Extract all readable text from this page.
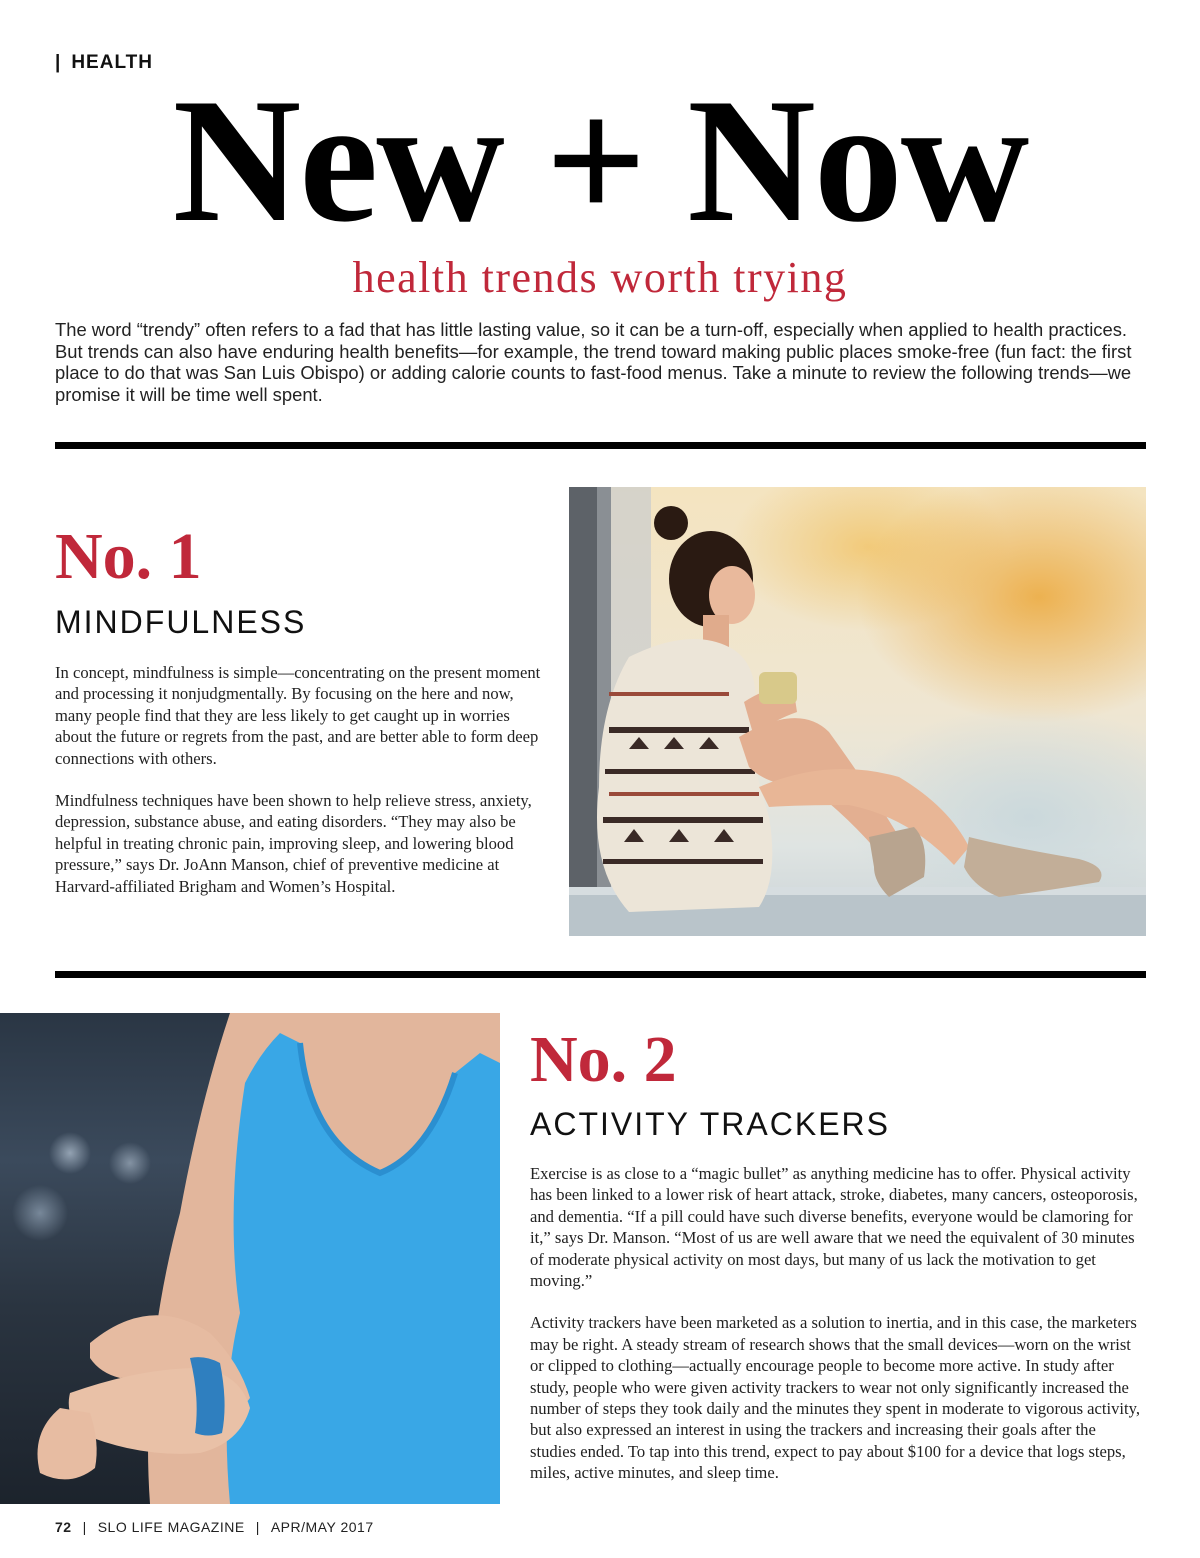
| HEALTH New + Now
health trends worth trying

The word “trendy” often refers to a fad that has little lasting value, so it can be a turn-off, especially when applied to health practices. But trends can also have enduring health benefits—for example, the trend toward making public places smoke-free (fun fact: the first place to do that was San Luis Obispo) or adding calorie counts to fast-food menus. Take a minute to review the following trends—we promise it will be time well spent.

No. 1
MINDFULNESS

In concept, mindfulness is simple—concentrating on the present moment and processing it nonjudgmentally. By focusing on the here and now, many people find that they are less likely to get caught up in worries about the future or regrets from the past, and are better able to form deep connections with others.

Mindfulness techniques have been shown to help relieve stress, anxiety, depression, substance abuse, and eating disorders. “They may also be helpful in treating chronic pain, improving sleep, and lowering blood pressure,” says Dr. JoAnn Manson, chief of preventive medicine at Harvard-affiliated Brigham and Women’s Hospital.

No. 2
ACTIVITY TRACKERS

Exercise is as close to a “magic bullet” as anything medicine has to offer. Physical activity has been linked to a lower risk of heart attack, stroke, diabetes, many cancers, osteoporosis, and dementia. “If a pill could have such diverse benefits, everyone would be clamoring for it,” says Dr. Manson. “Most of us are well aware that we need the equivalent of 30 minutes of moderate physical activity on most days, but many of us lack the motivation to get moving.”

Activity trackers have been marketed as a solution to inertia, and in this case, the marketers may be right. A steady stream of research shows that the small devices—worn on the wrist or clipped to clothing—actually encourage people to become more active. In study after study, people who were given activity trackers to wear not only significantly increased the number of steps they took daily and the minutes they spent in moderate to vigorous activity, but also expressed an interest in using the trackers and increasing their goals after the studies ended. To tap into this trend, expect to pay about $100 for a device that logs steps, miles, active minutes, and sleep time.

72 | SLO LIFE MAGAZINE | APR/MAY 2017
